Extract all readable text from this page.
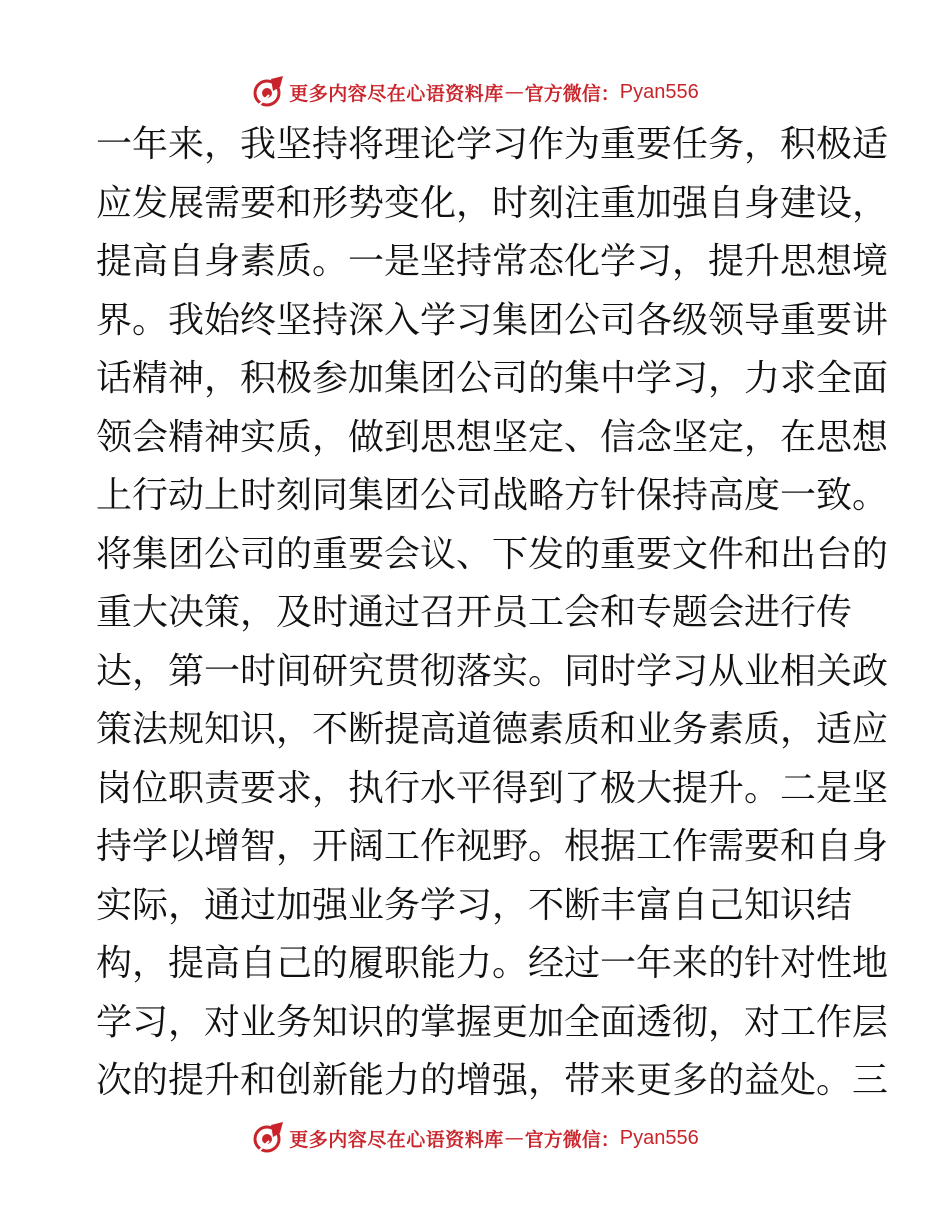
更多内容尽在心语资料库 — 官方微信： Pyan556
一年来，我坚持将理论学习作为重要任务，积极适
应发展需要和形势变化，时刻注重加强自身建设，
提高自身素质。一是坚持常态化学习，提升思想境
界。我始终坚持深入学习集团公司各级领导重要讲
话精神，积极参加集团公司的集中学习，力求全面
领会精神实质，做到思想坚定、信念坚定，在思想
上行动上时刻同集团公司战略方针保持高度一致。
将集团公司的重要会议、下发的重要文件和出台的
重大决策，及时通过召开员工会和专题会进行传
达，第一时间研究贯彻落实。同时学习从业相关政
策法规知识，不断提高道德素质和业务素质，适应
岗位职责要求，执行水平得到了极大提升。二是坚
持学以增智，开阔工作视野。根据工作需要和自身
实际，通过加强业务学习，不断丰富自己知识结
构，提高自己的履职能力。经过一年来的针对性地
学习，对业务知识的掌握更加全面透彻，对工作层
次的提升和创新能力的增强，带来更多的益处。三
更多内容尽在心语资料库 — 官方微信： Pyan556
